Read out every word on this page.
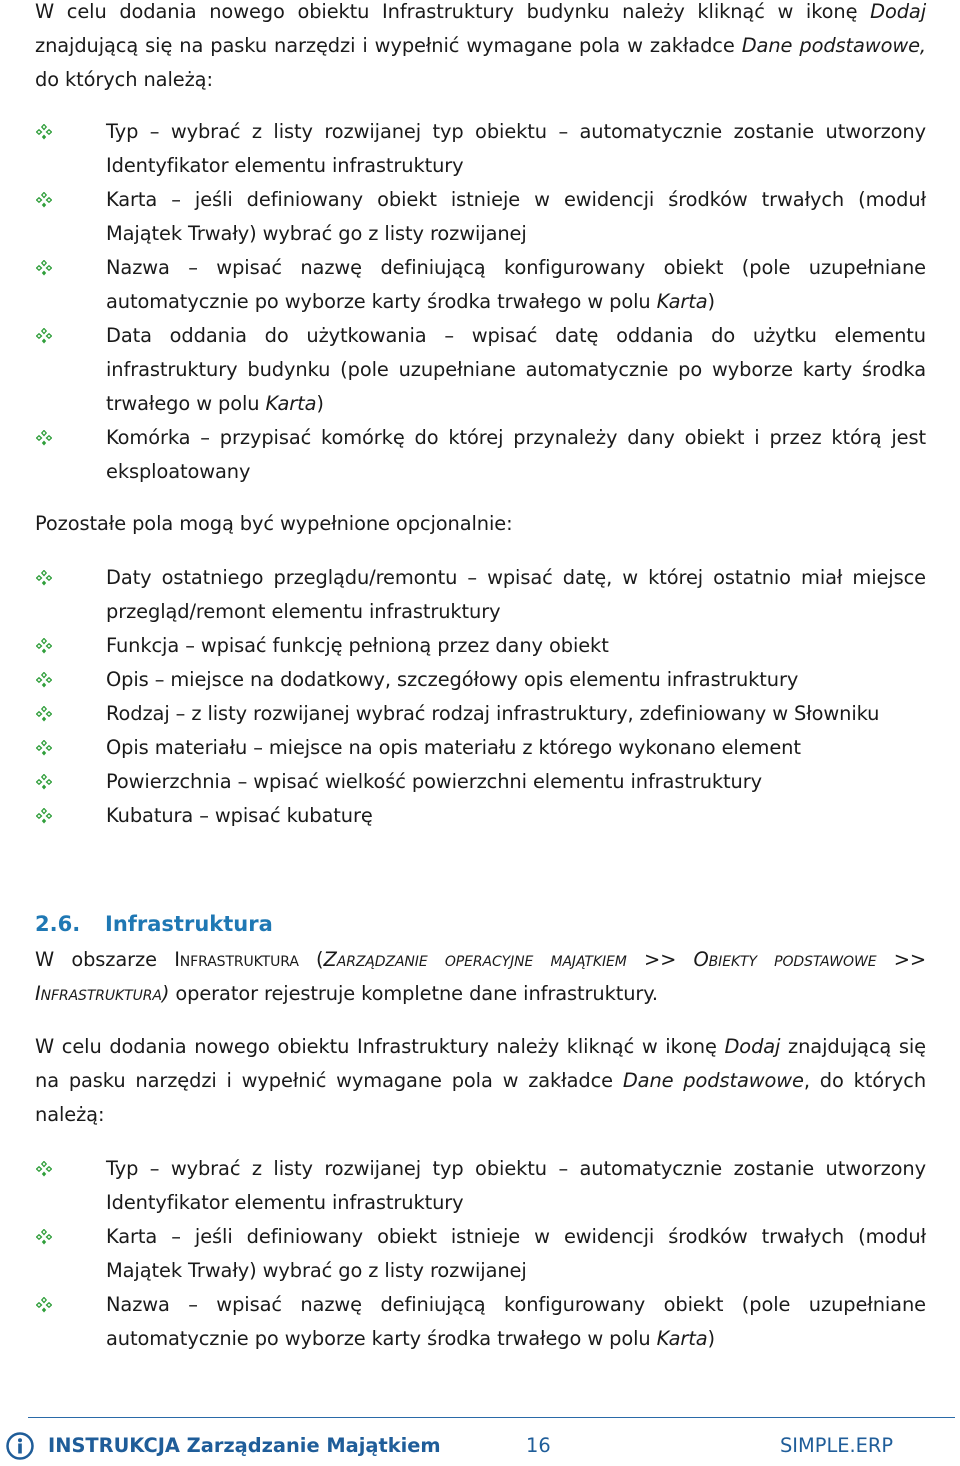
W celu dodania nowego obiektu Infrastruktury budynku należy kliknąć w ikonę Dodaj znajdującą się na pasku narzędzi i wypełnić wymagane pola w zakładce Dane podstawowe, do których należą:

Typ – wybrać z listy rozwijanej typ obiektu – automatycznie zostanie utworzony Identyfikator elementu infrastruktury
Karta – jeśli definiowany obiekt istnieje w ewidencji środków trwałych (moduł Majątek Trwały) wybrać go z listy rozwijanej
Nazwa – wpisać nazwę definiującą konfigurowany obiekt (pole uzupełniane automatycznie po wyborze karty środka trwałego w polu Karta)
Data oddania do użytkowania – wpisać datę oddania do użytku elementu infrastruktury budynku (pole uzupełniane automatycznie po wyborze karty środka trwałego w polu Karta)
Komórka – przypisać komórkę do której przynależy dany obiekt i przez którą jest eksploatowany

Pozostałe pola mogą być wypełnione opcjonalnie:

Daty ostatniego przeglądu/remontu – wpisać datę, w której ostatnio miał miejsce przegląd/remont elementu infrastruktury
Funkcja – wpisać funkcję pełnioną przez dany obiekt
Opis – miejsce na dodatkowy, szczegółowy opis elementu infrastruktury
Rodzaj – z listy rozwijanej wybrać rodzaj infrastruktury, zdefiniowany w Słowniku
Opis materiału – miejsce na opis materiału z którego wykonano element
Powierzchnia – wpisać wielkość powierzchni elementu infrastruktury
Kubatura – wpisać kubaturę
2.6. Infrastruktura

W obszarze Infrastruktura (Zarządzanie operacyjne majątkiem >> Obiekty podstawowe >> Infrastruktura) operator rejestruje kompletne dane infrastruktury.

W celu dodania nowego obiektu Infrastruktury należy kliknąć w ikonę Dodaj znajdującą się na pasku narzędzi i wypełnić wymagane pola w zakładce Dane podstawowe, do których należą:

Typ – wybrać z listy rozwijanej typ obiektu – automatycznie zostanie utworzony Identyfikator elementu infrastruktury
Karta – jeśli definiowany obiekt istnieje w ewidencji środków trwałych (moduł Majątek Trwały) wybrać go z listy rozwijanej
Nazwa – wpisać nazwę definiującą konfigurowany obiekt (pole uzupełniane automatycznie po wyborze karty środka trwałego w polu Karta)
INSTRUKCJA Zarządzanie Majątkiem	16	SIMPLE.ERP
